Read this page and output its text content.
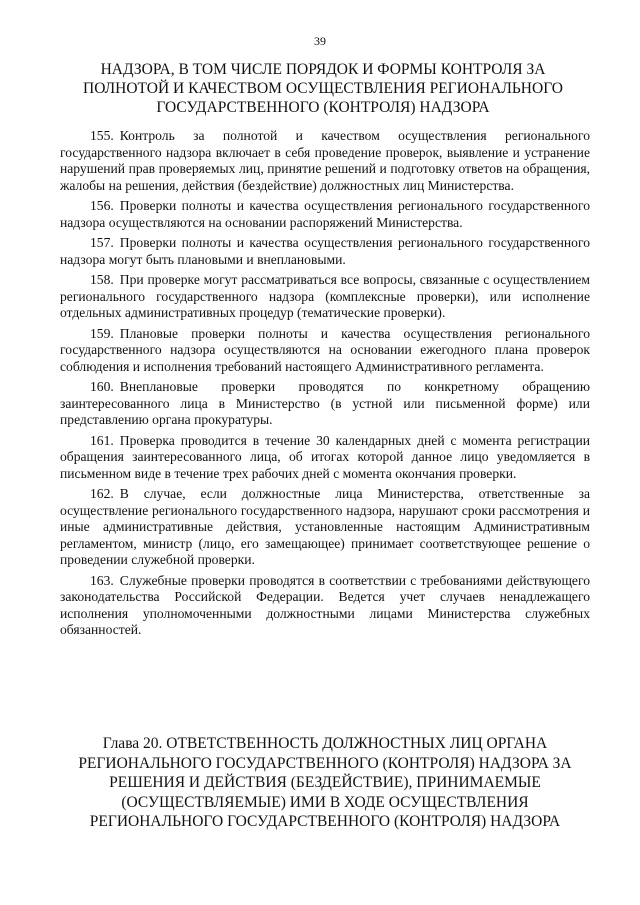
39
НАДЗОРА, В ТОМ ЧИСЛЕ ПОРЯДОК И ФОРМЫ КОНТРОЛЯ ЗА ПОЛНОТОЙ И КАЧЕСТВОМ ОСУЩЕСТВЛЕНИЯ РЕГИОНАЛЬНОГО ГОСУДАРСТВЕННОГО (КОНТРОЛЯ) НАДЗОРА

155. Контроль за полнотой и качеством осуществления регионального государственного надзора включает в себя проведение проверок, выявление и устранение нарушений прав проверяемых лиц, принятие решений и подготовку ответов на обращения, жалобы на решения, действия (бездействие) должностных лиц Министерства.

156. Проверки полноты и качества осуществления регионального государственного надзора осуществляются на основании распоряжений Министерства.

157. Проверки полноты и качества осуществления регионального государственного надзора могут быть плановыми и внеплановыми.

158. При проверке могут рассматриваться все вопросы, связанные с осуществлением регионального государственного надзора (комплексные проверки), или исполнение отдельных административных процедур (тематические проверки).

159. Плановые проверки полноты и качества осуществления регионального государственного надзора осуществляются на основании ежегодного плана проверок соблюдения и исполнения требований настоящего Административного регламента.

160. Внеплановые проверки проводятся по конкретному обращению заинтересованного лица в Министерство (в устной или письменной форме) или представлению органа прокуратуры.

161. Проверка проводится в течение 30 календарных дней с момента регистрации обращения заинтересованного лица, об итогах которой данное лицо уведомляется в письменном виде в течение трех рабочих дней с момента окончания проверки.

162. В случае, если должностные лица Министерства, ответственные за осуществление регионального государственного надзора, нарушают сроки рассмотрения и иные административные действия, установленные настоящим Административным регламентом, министр (лицо, его замещающее) принимает соответствующее решение о проведении служебной проверки.

163. Служебные проверки проводятся в соответствии с требованиями действующего законодательства Российской Федерации. Ведется учет случаев ненадлежащего исполнения уполномоченными должностными лицами Министерства служебных обязанностей.

Глава 20. ОТВЕТСТВЕННОСТЬ ДОЛЖНОСТНЫХ ЛИЦ ОРГАНА РЕГИОНАЛЬНОГО ГОСУДАРСТВЕННОГО (КОНТРОЛЯ) НАДЗОРА ЗА РЕШЕНИЯ И ДЕЙСТВИЯ (БЕЗДЕЙСТВИЕ), ПРИНИМАЕМЫЕ (ОСУЩЕСТВЛЯЕМЫЕ) ИМИ В ХОДЕ ОСУЩЕСТВЛЕНИЯ РЕГИОНАЛЬНОГО ГОСУДАРСТВЕННОГО (КОНТРОЛЯ) НАДЗОРА
